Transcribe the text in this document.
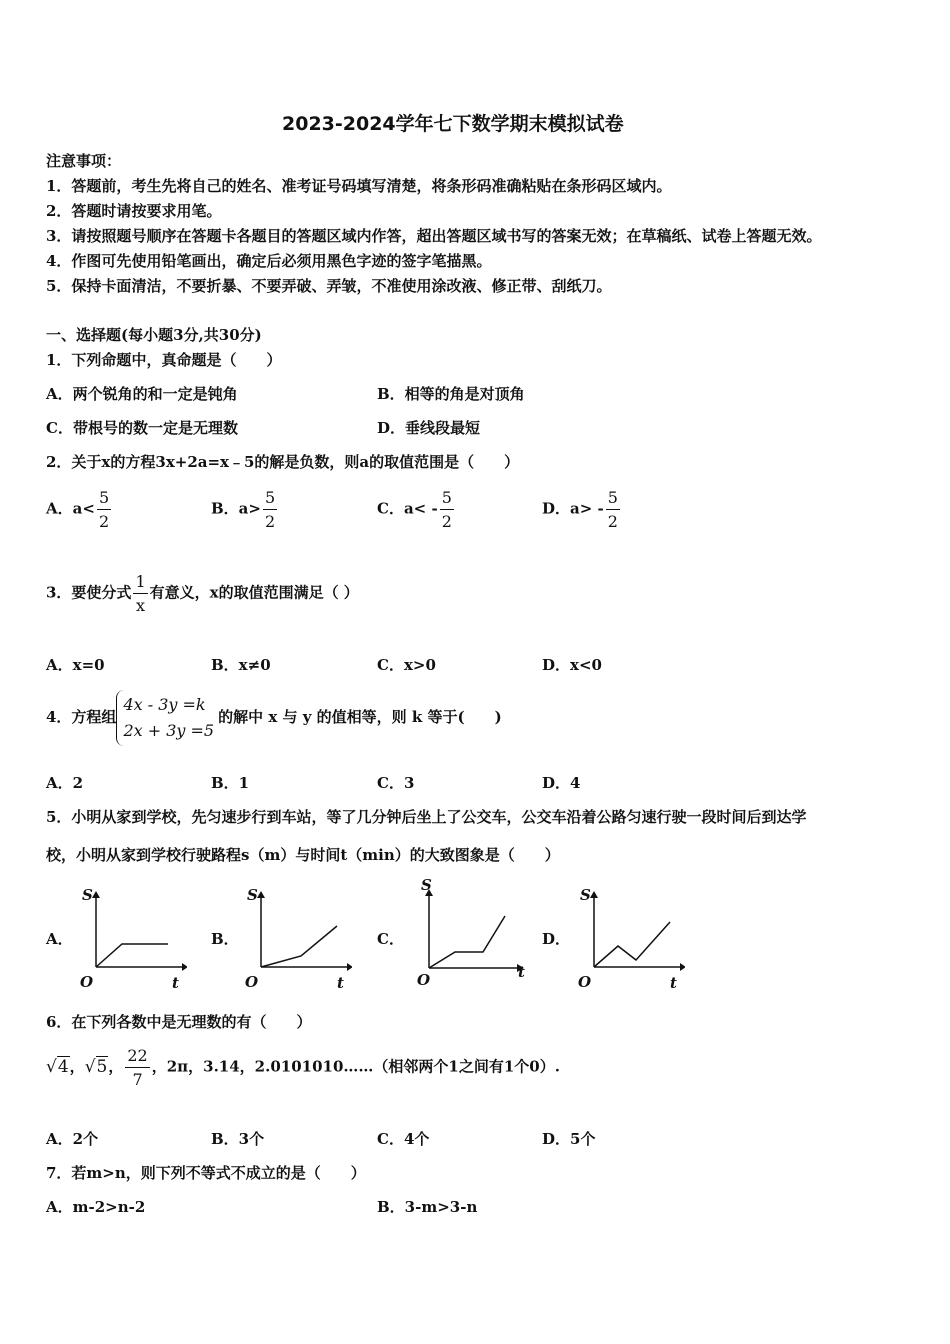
2023-2024学年七下数学期末模拟试卷
注意事项：
1．答题前，考生先将自己的姓名、准考证号码填写清楚，将条形码准确粘贴在条形码区域内。
2．答题时请按要求用笔。
3．请按照题号顺序在答题卡各题目的答题区域内作答，超出答题区域书写的答案无效；在草稿纸、试卷上答题无效。
4．作图可先使用铅笔画出，确定后必须用黑色字迹的签字笔描黑。
5．保持卡面清洁，不要折暴、不要弄破、弄皱，不准使用涂改液、修正带、刮纸刀。
一、选择题(每小题3分,共30分)
1．下列命题中，真命题是（　　）
A．两个锐角的和一定是钝角	B．相等的角是对顶角
C．带根号的数一定是无理数	D．垂线段最短
2．关于x的方程3x+2a=x﹣5的解是负数，则a的取值范围是（　　）
A．$a< \frac{5}{2}$	B．$a> \frac{5}{2}$	C．$a< - \frac{5}{2}$	D．$a> - \frac{5}{2}$
3．要使分式 $\frac{1}{x}$ 有意义，x的取值范围满足（ ）
A．x=0	B．x≠0	C．x>0	D．x<0
4．方程组
4x - 3y =k
2x + 3y =5
的解中 x 与 y 的值相等，则 k 等于(　　)
A．2	B．1	C．3	D．4
5．小明从家到学校，先匀速步行到车站，等了几分钟后坐上了公交车，公交车沿着公路匀速行驶一段时间后到达学
校，小明从家到学校行驶路程s（m）与时间t（min）的大致图象是（　　）
A．	B．	C．	D．
S
t
O
S
t
O
S
t
O
S
t
O
6．在下列各数中是无理数的有（　　）
√4，√5， $\frac{22}{7}$ ，2π，3.14，2.0101010……（相邻两个1之间有1个0）.
A．2个	B．3个	C．4个	D．5个
7．若m>n，则下列不等式不成立的是（　　）
A．m-2>n-2	B．3-m>3-n
